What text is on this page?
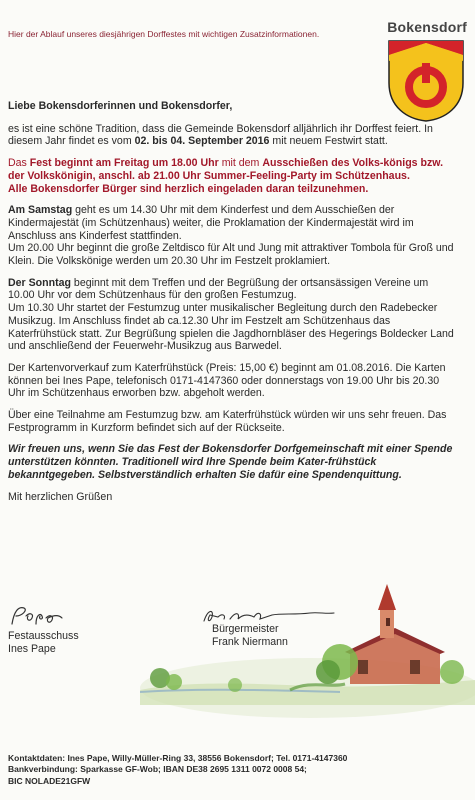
Hier der Ablauf unseres diesjährigen Dorffestes mit wichtigen Zusatzinformationen.	Bokensdorf

Liebe Bokensdorferinnen und Bokensdorfer,

es ist eine schöne Tradition, dass die Gemeinde Bokensdorf alljährlich ihr Dorffest feiert. In diesem Jahr findet es vom 02. bis 04. September 2016 mit neuem Festwirt statt.

Das Fest beginnt am Freitag um 18.00 Uhr mit dem Ausschießen des Volks-königs bzw. der Volkskönigin, anschl. ab 21.00 Uhr Summer-Feeling-Party im Schützenhaus.
Alle Bokensdorfer Bürger sind herzlich eingeladen daran teilzunehmen.

Am Samstag geht es um 14.30 Uhr mit dem Kinderfest und dem Ausschießen der Kindermajestät (im Schützenhaus) weiter, die Proklamation der Kindermajestät wird im Anschluss ans Kinderfest stattfinden.
Um 20.00 Uhr beginnt die große Zeltdisco für Alt und Jung mit attraktiver Tombola für Groß und Klein. Die Volkskönige werden um 20.30 Uhr im Festzelt proklamiert.

Der Sonntag beginnt mit dem Treffen und der Begrüßung der ortsansässigen Vereine um 10.00 Uhr vor dem Schützenhaus für den großen Festumzug.
Um 10.30 Uhr startet der Festumzug unter musikalischer Begleitung durch den Radebecker Musikzug. Im Anschluss findet ab ca.12.30 Uhr im Festzelt am Schützenhaus das Katerfrühstück statt. Zur Begrüßung spielen die Jagdhornbläser des Hegerings Boldecker Land und anschließend der Feuerwehr-Musikzug aus Barwedel.

Der Kartenvorverkauf zum Katerfrühstück (Preis: 15,00 €) beginnt am 01.08.2016. Die Karten können bei Ines Pape, telefonisch 0171-4147360 oder donnerstags von 19.00 Uhr bis 20.30 Uhr im Schützenhaus erworben bzw. abgeholt werden.

Über eine Teilnahme am Festumzug bzw. am Katerfrühstück würden wir uns sehr freuen. Das Festprogramm in Kurzform befindet sich auf der Rückseite.

Wir freuen uns, wenn Sie das Fest der Bokensdorfer Dorfgemeinschaft mit einer Spende unterstützen könnten. Traditionell wird Ihre Spende beim Kater-frühstück bekanntgegeben. Selbstverständlich erhalten Sie dafür eine Spendenquittung.

Mit herzlichen Grüßen

Festausschuss

Ines Pape

Bürgermeister

Frank Niermann

Kontaktdaten: Ines Pape, Willy-Müller-Ring 33, 38556 Bokensdorf; Tel. 0171-4147360
Bankverbindung: Sparkasse GF-Wob; IBAN DE38 2695 1311 0072 0008 54;
BIC NOLADE21GFW
